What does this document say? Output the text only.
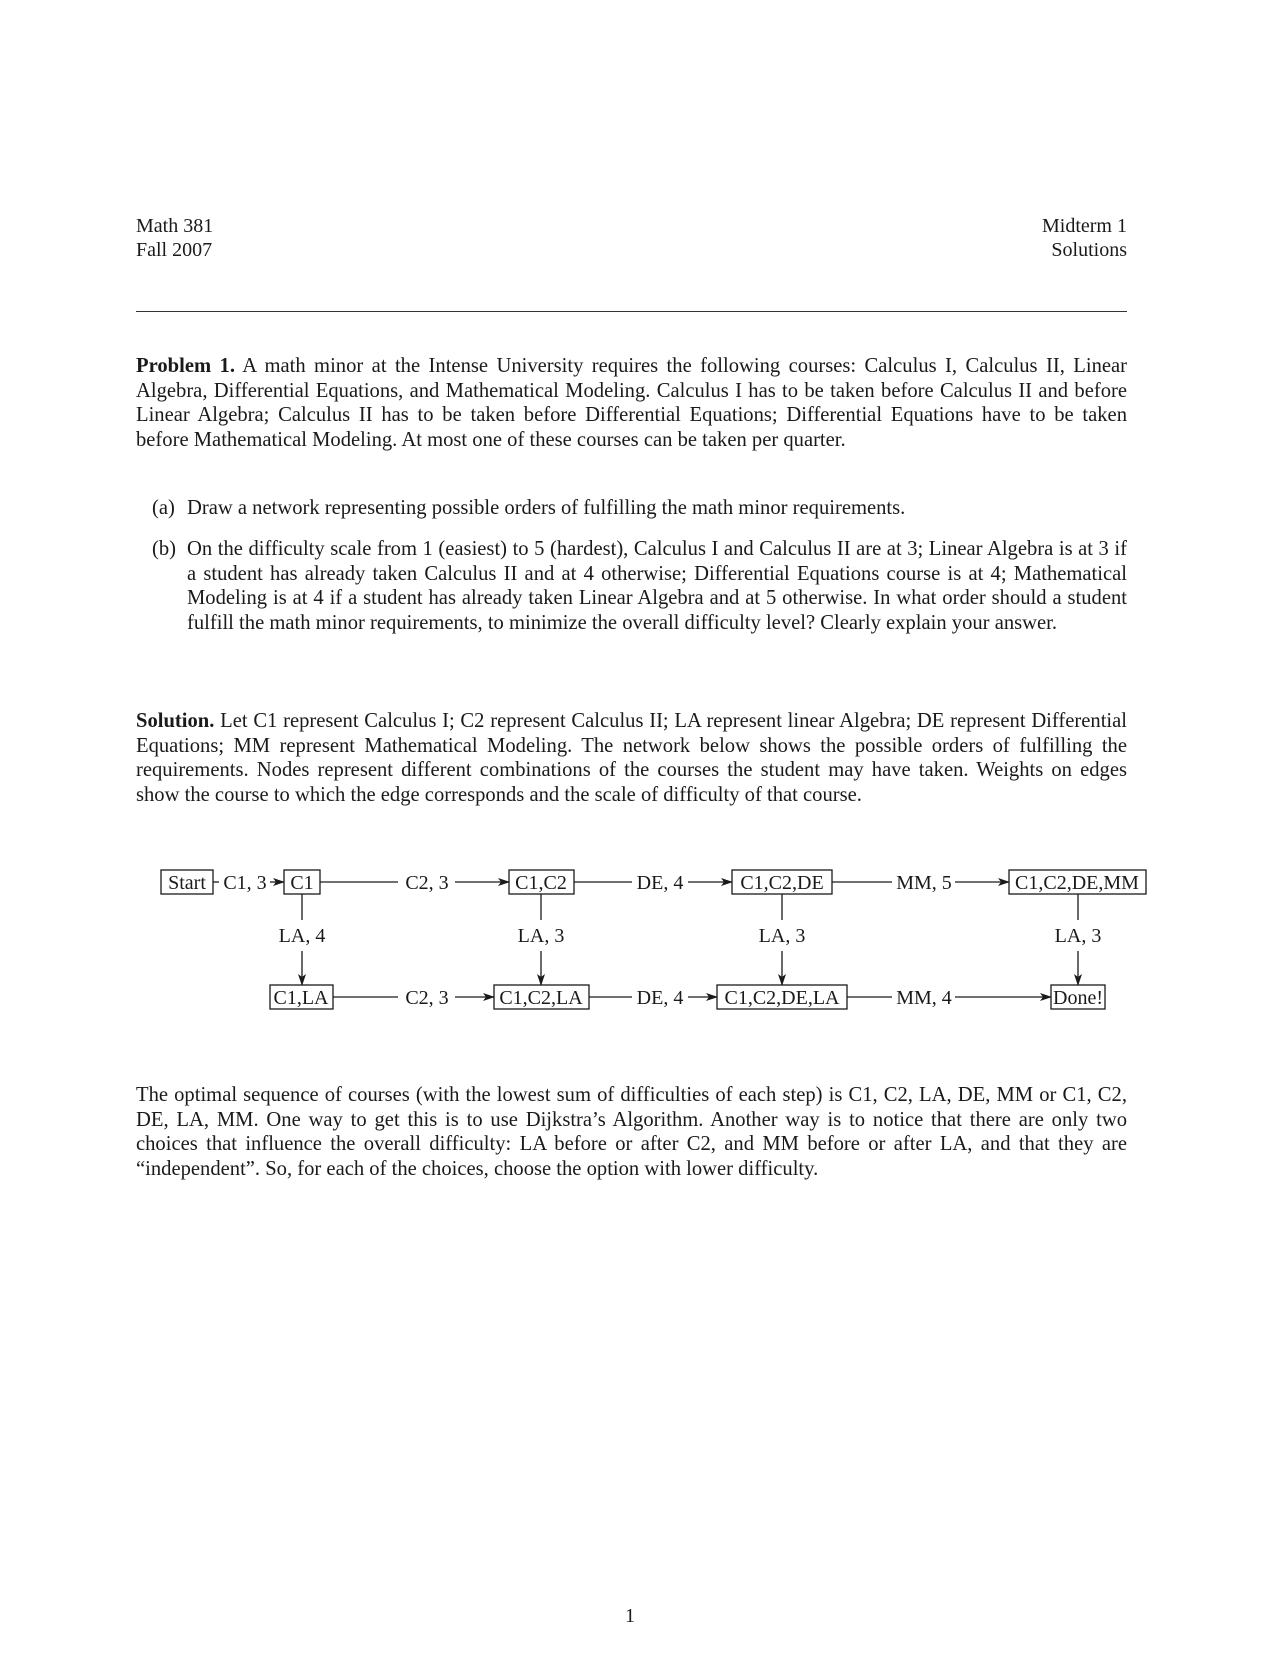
Math 381
Fall 2007
Midterm 1
Solutions
Problem 1. A math minor at the Intense University requires the following courses: Calculus I, Calculus II, Linear Algebra, Differential Equations, and Mathematical Modeling. Calculus I has to be taken before Calculus II and before Linear Algebra; Calculus II has to be taken before Differential Equations; Differential Equations have to be taken before Mathematical Modeling. At most one of these courses can be taken per quarter.
(a) Draw a network representing possible orders of fulfilling the math minor requirements.
(b) On the difficulty scale from 1 (easiest) to 5 (hardest), Calculus I and Calculus II are at 3; Linear Algebra is at 3 if a student has already taken Calculus II and at 4 otherwise; Differential Equations course is at 4; Mathematical Modeling is at 4 if a student has already taken Linear Algebra and at 5 otherwise. In what order should a student fulfill the math minor requirements, to minimize the overall difficulty level? Clearly explain your answer.
Solution. Let C1 represent Calculus I; C2 represent Calculus II; LA represent linear Algebra; DE represent Differential Equations; MM represent Mathematical Modeling. The network below shows the possible orders of fulfilling the requirements. Nodes represent different combinations of the courses the student may have taken. Weights on edges show the course to which the edge corresponds and the scale of difficulty of that course.
Start	C1	C1,C2	C1,C2,DE	C1,C2,DE,MM
C1,LA	C1,C2,LA	C1,C2,DE,LA	Done!
C1, 3	C2, 3	DE, 4	MM, 5
LA, 4	LA, 3	LA, 3	LA, 3
C2, 3	DE, 4	MM, 4
The optimal sequence of courses (with the lowest sum of difficulties of each step) is C1, C2, LA, DE, MM or C1, C2, DE, LA, MM. One way to get this is to use Dijkstra’s Algorithm. Another way is to notice that there are only two choices that influence the overall difficulty: LA before or after C2, and MM before or after LA, and that they are “independent”. So, for each of the choices, choose the option with lower difficulty.
1
